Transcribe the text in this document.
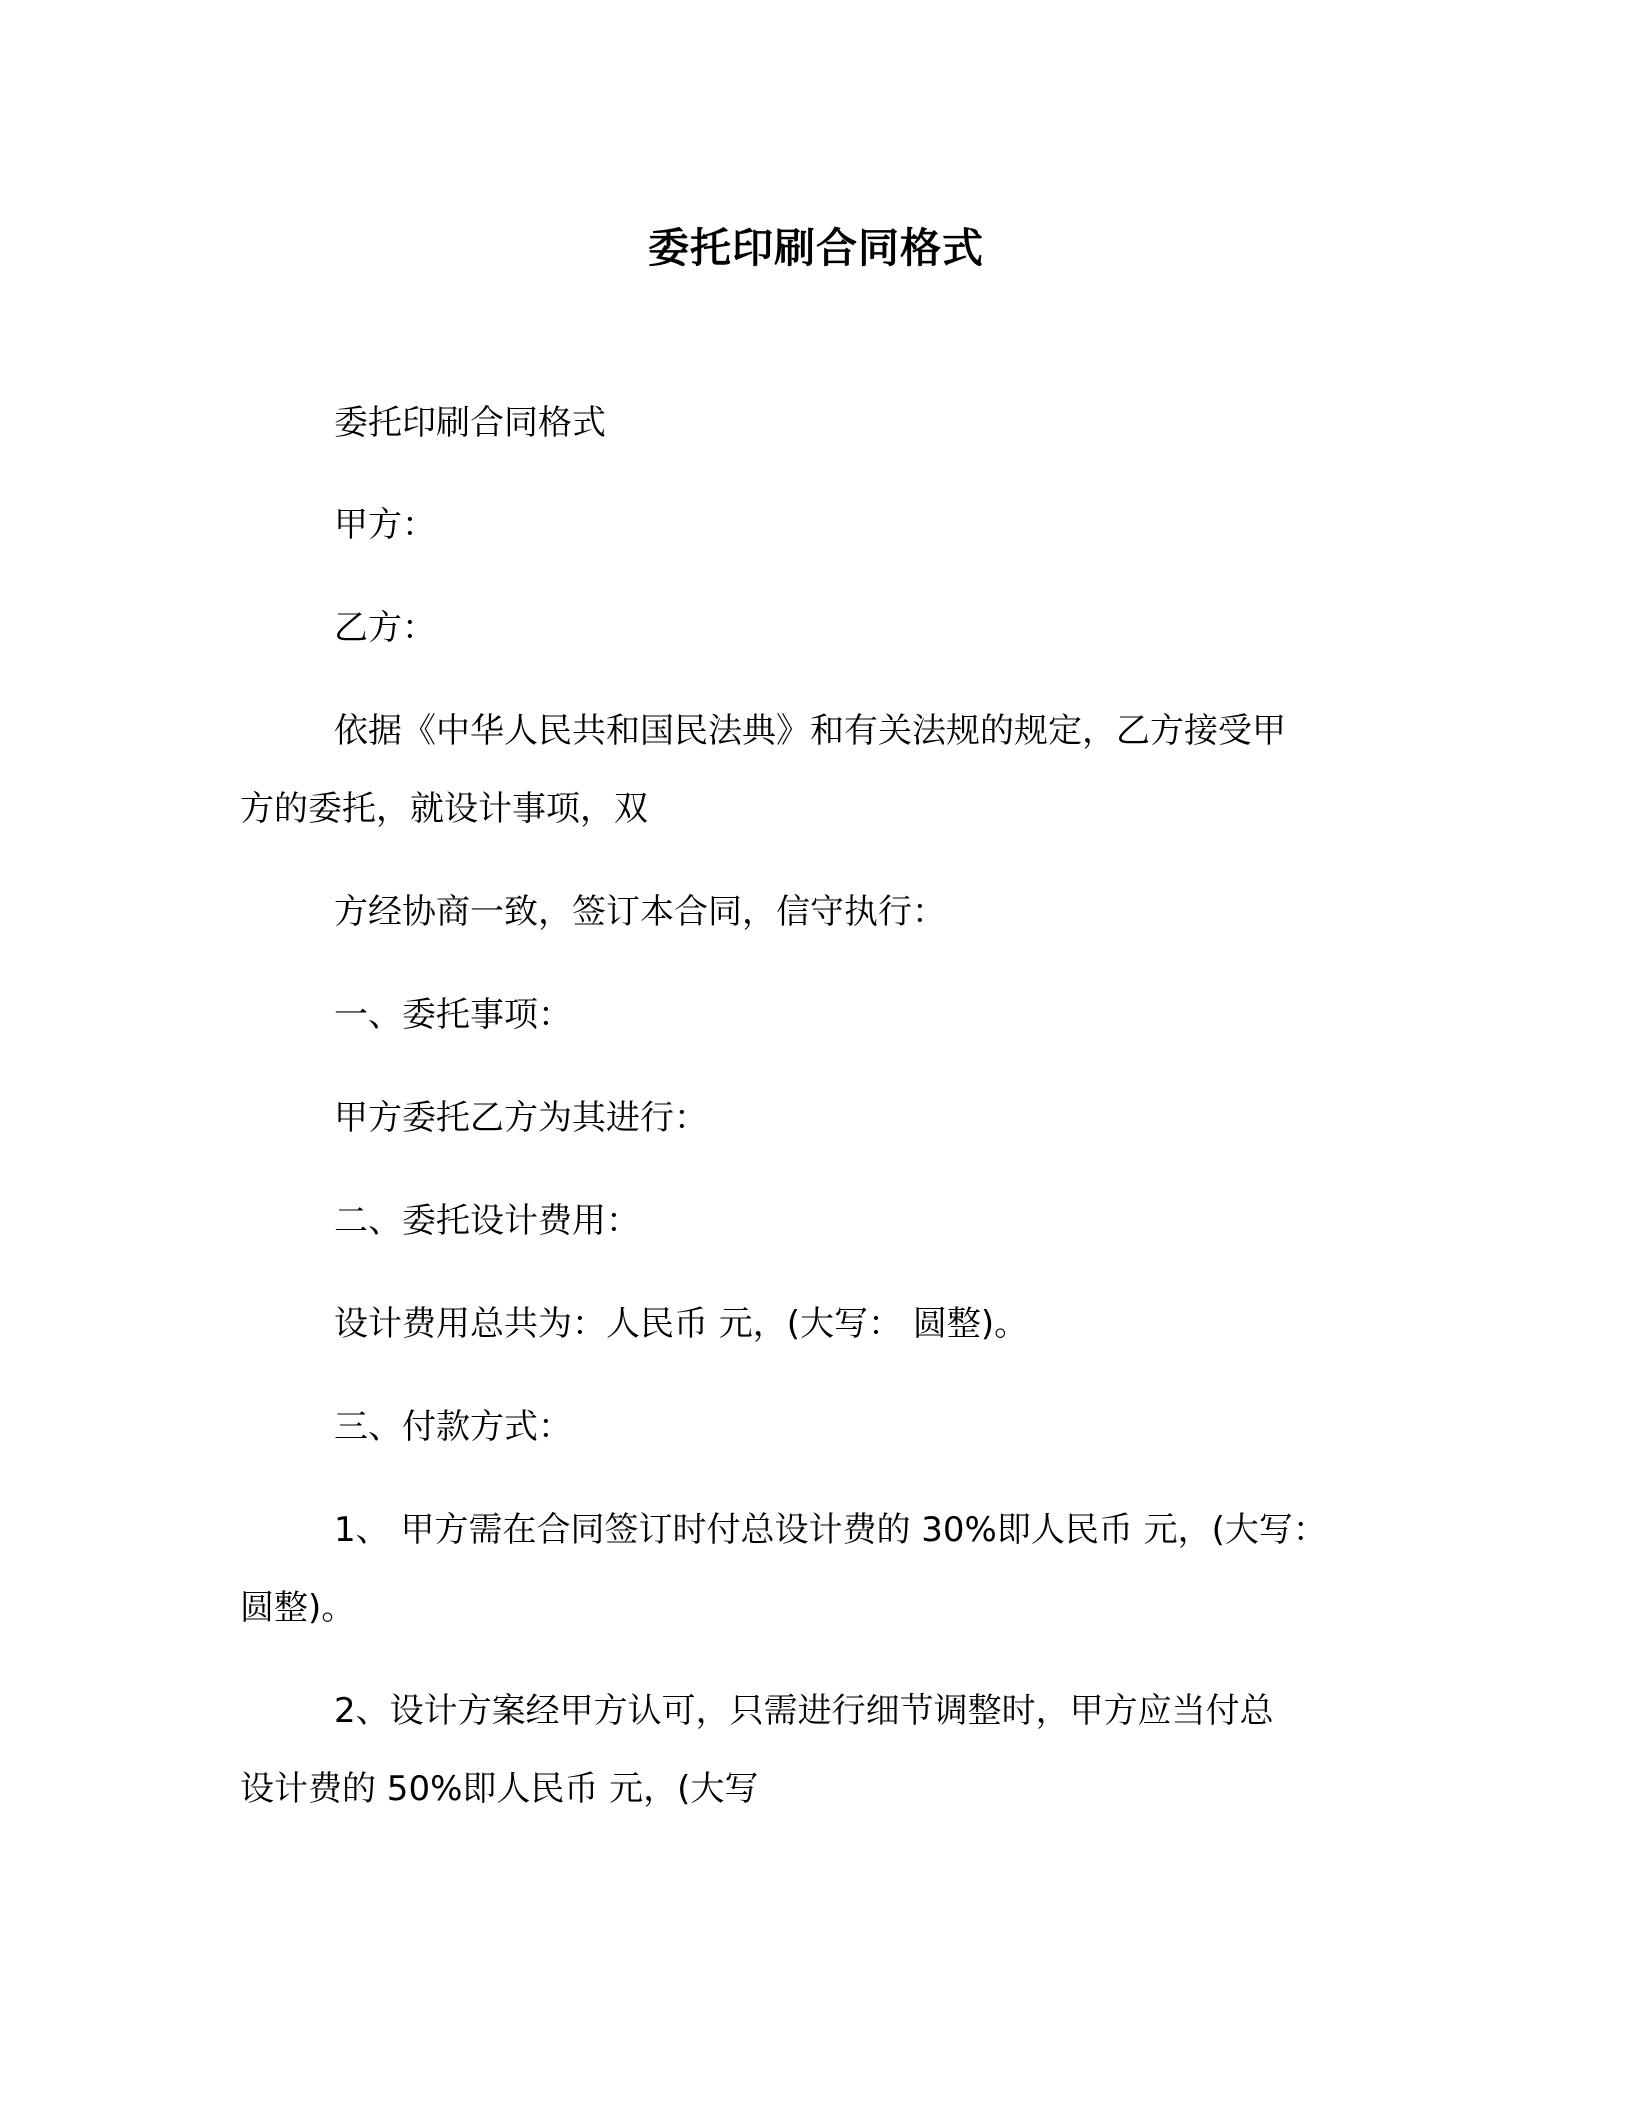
委托印刷合同格式
委托印刷合同格式
甲方：
乙方：
依据《中华人民共和国民法典》和有关法规的规定，乙方接受甲
方的委托，就设计事项，双
方经协商一致，签订本合同，信守执行：
一、委托事项：
甲方委托乙方为其进行：
二、委托设计费用：
设计费用总共为：人民币 元，(大写： 圆整)。
三、付款方式：
1、 甲方需在合同签订时付总设计费的 30%即人民币 元，(大写：
圆整)。
2、设计方案经甲方认可，只需进行细节调整时，甲方应当付总
设计费的 50%即人民币 元，(大写
